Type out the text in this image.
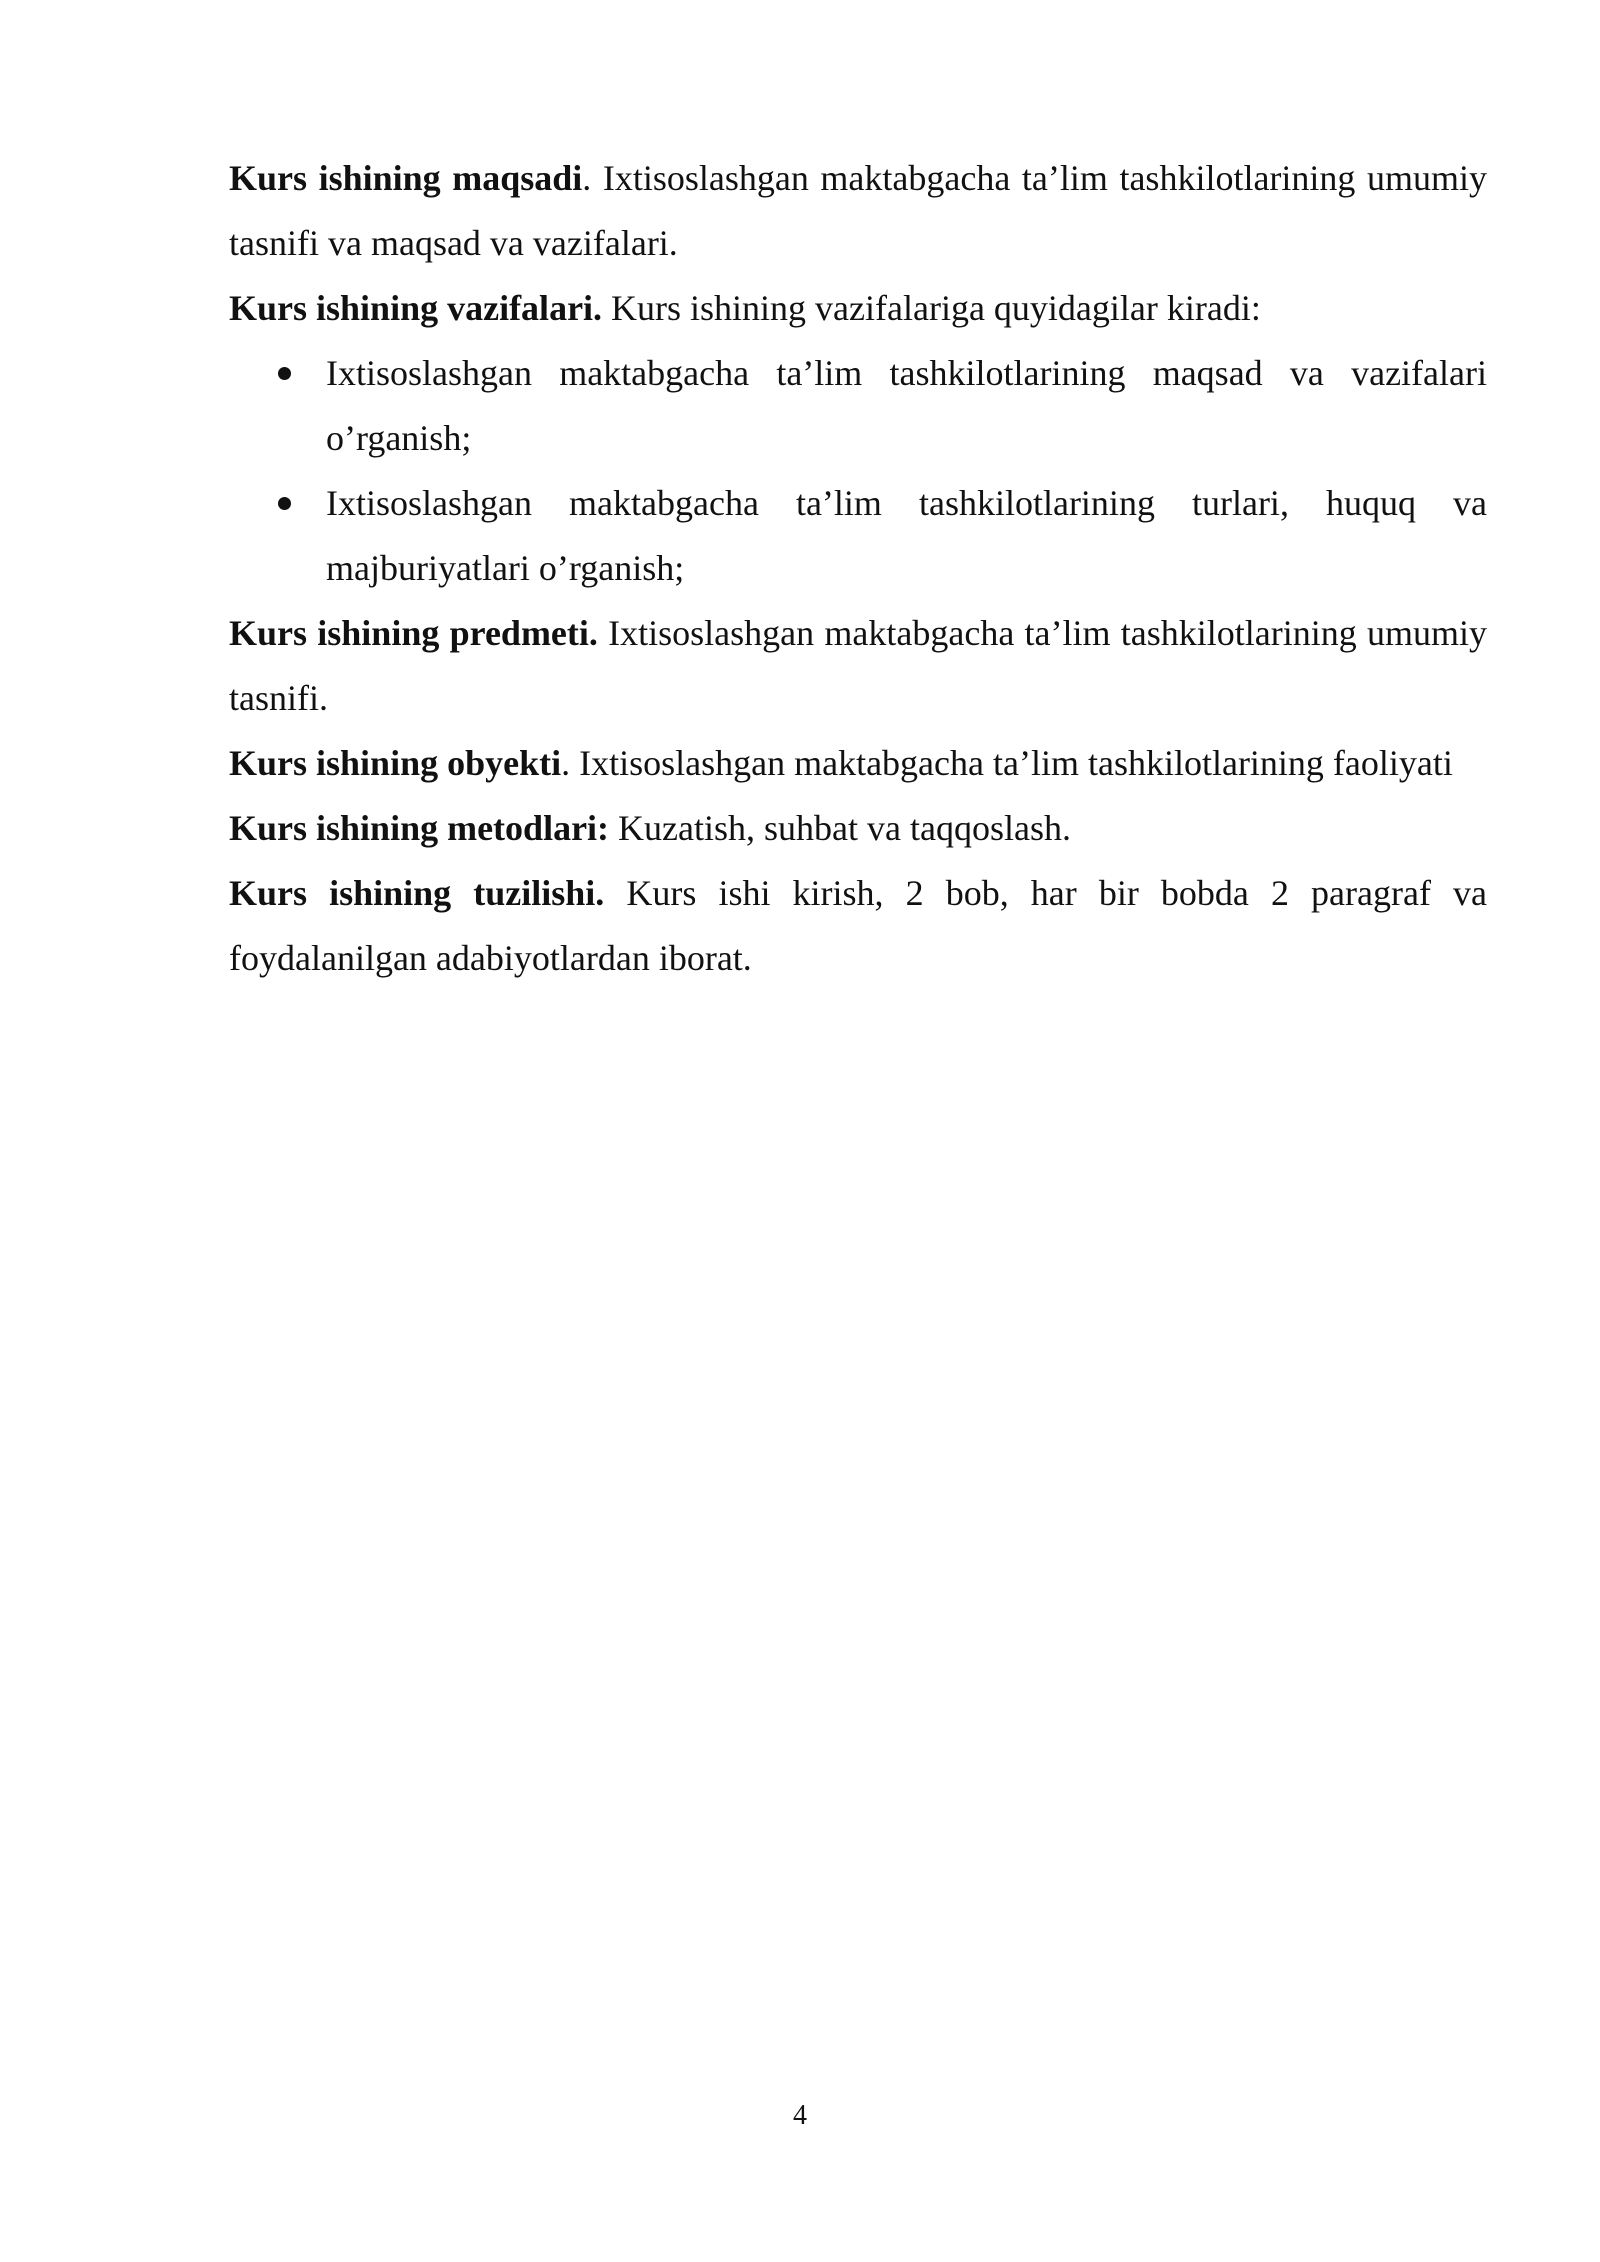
Kurs ishining maqsadi. Ixtisoslashgan maktabgacha ta’lim tashkilotlarining umumiy tasnifi va maqsad va vazifalari.

Kurs ishining vazifalari. Kurs ishining vazifalariga quyidagilar kiradi:

Ixtisoslashgan maktabgacha ta’lim tashkilotlarining maqsad va vazifalari o’rganish;
Ixtisoslashgan maktabgacha ta’lim tashkilotlarining turlari, huquq va majburiyatlari o’rganish;

Kurs ishining predmeti. Ixtisoslashgan maktabgacha ta’lim tashkilotlarining umumiy tasnifi.

Kurs ishining obyekti. Ixtisoslashgan maktabgacha ta’lim tashkilotlarining faoliyati

Kurs ishining metodlari: Kuzatish, suhbat va taqqoslash.

Kurs ishining tuzilishi. Kurs ishi kirish, 2 bob, har bir bobda 2 paragraf va foydalanilgan adabiyotlardan iborat.

4
